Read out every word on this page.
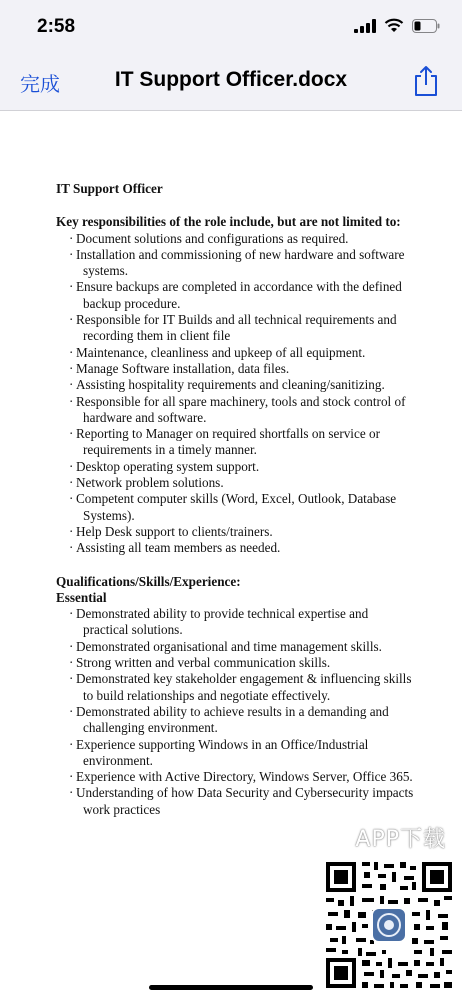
2:58
完成	IT Support Officer.docx

IT Support Officer

Key responsibilities of the role include, but are not limited to:

· Document solutions and configurations as required.
· Installation and commissioning of new hardware and software systems.
· Ensure backups are completed in accordance with the defined backup procedure.
· Responsible for IT Builds and all technical requirements and recording them in client file
· Maintenance, cleanliness and upkeep of all equipment.
· Manage Software installation, data files.
· Assisting hospitality requirements and cleaning/sanitizing.
· Responsible for all spare machinery, tools and stock control of hardware and software.
· Reporting to Manager on required shortfalls on service or requirements in a timely manner.
· Desktop operating system support.
· Network problem solutions.
· Competent computer skills (Word, Excel, Outlook, Database Systems).
· Help Desk support to clients/trainers.
· Assisting all team members as needed.

Qualifications/Skills/Experience:

Essential

· Demonstrated ability to provide technical expertise and practical solutions.
· Demonstrated organisational and time management skills.
· Strong written and verbal communication skills.
· Demonstrated key stakeholder engagement & influencing skills to build relationships and negotiate effectively.
· Demonstrated ability to achieve results in a demanding and challenging environment.
· Experience supporting Windows in an Office/Industrial environment.
· Experience with Active Directory, Windows Server, Office 365.
· Understanding of how Data Security and Cybersecurity impacts work practices
APP下载
